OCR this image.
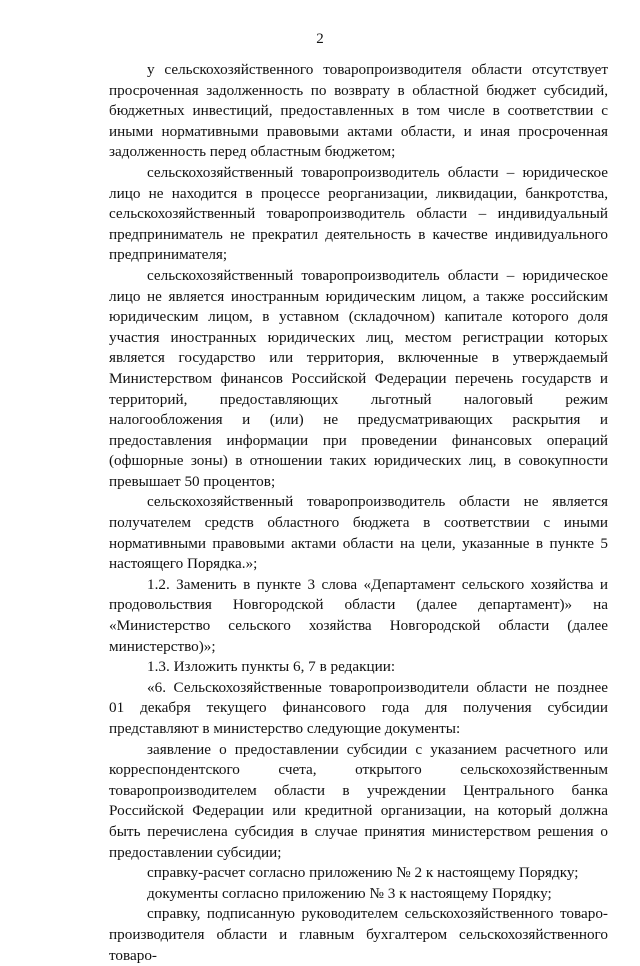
2

у сельскохозяйственного товаропроизводителя области отсутствует просроченная задолженность по возврату в областной бюджет субсидий, бюджетных инвестиций, предоставленных в том числе в соответствии с иными нормативными правовыми актами области, и иная просроченная задолженность перед областным бюджетом;

сельскохозяйственный товаропроизводитель области – юридическое лицо не находится в процессе реорганизации, ликвидации, банкротства, сельскохозяйственный товаропроизводитель области – индивидуальный предприниматель не прекратил деятельность в качестве индивидуального предпринимателя;

сельскохозяйственный товаропроизводитель области – юридическое лицо не является иностранным юридическим лицом, а также российским юридическим лицом, в уставном (складочном) капитале которого доля участия иностранных юридических лиц, местом регистрации которых является государство или территория, включенные в утверждаемый Министерством финансов Российской Федерации перечень государств и территорий, предоставляющих льготный налоговый режим налогообложения и (или) не предусматривающих раскрытия и предоставления информации при проведении финансовых операций (офшорные зоны) в отношении таких юридических лиц, в совокупности превышает 50 процентов;

сельскохозяйственный товаропроизводитель области не является получателем средств областного бюджета в соответствии с иными нормативными правовыми актами области на цели, указанные в пункте 5 настоящего Порядка.»;

1.2. Заменить в пункте 3 слова «Департамент сельского хозяйства и продовольствия Новгородской области (далее департамент)» на «Министерство сельского хозяйства Новгородской области (далее министерство)»;

1.3. Изложить пункты 6, 7 в редакции:

«6. Сельскохозяйственные товаропроизводители области не позднее 01 декабря текущего финансового года для получения субсидии представляют в министерство следующие документы:

заявление о предоставлении субсидии с указанием расчетного или корреспондентского счета, открытого сельскохозяйственным товаропроизводителем области в учреждении Центрального банка Российской Федерации или кредитной организации, на который должна быть перечислена субсидия в случае принятия министерством решения о предоставлении субсидии;

справку-расчет согласно приложению № 2 к настоящему Порядку;

документы согласно приложению № 3 к настоящему Порядку;

справку, подписанную руководителем сельскохозяйственного товаро-производителя области и главным бухгалтером сельскохозяйственного товаро-
